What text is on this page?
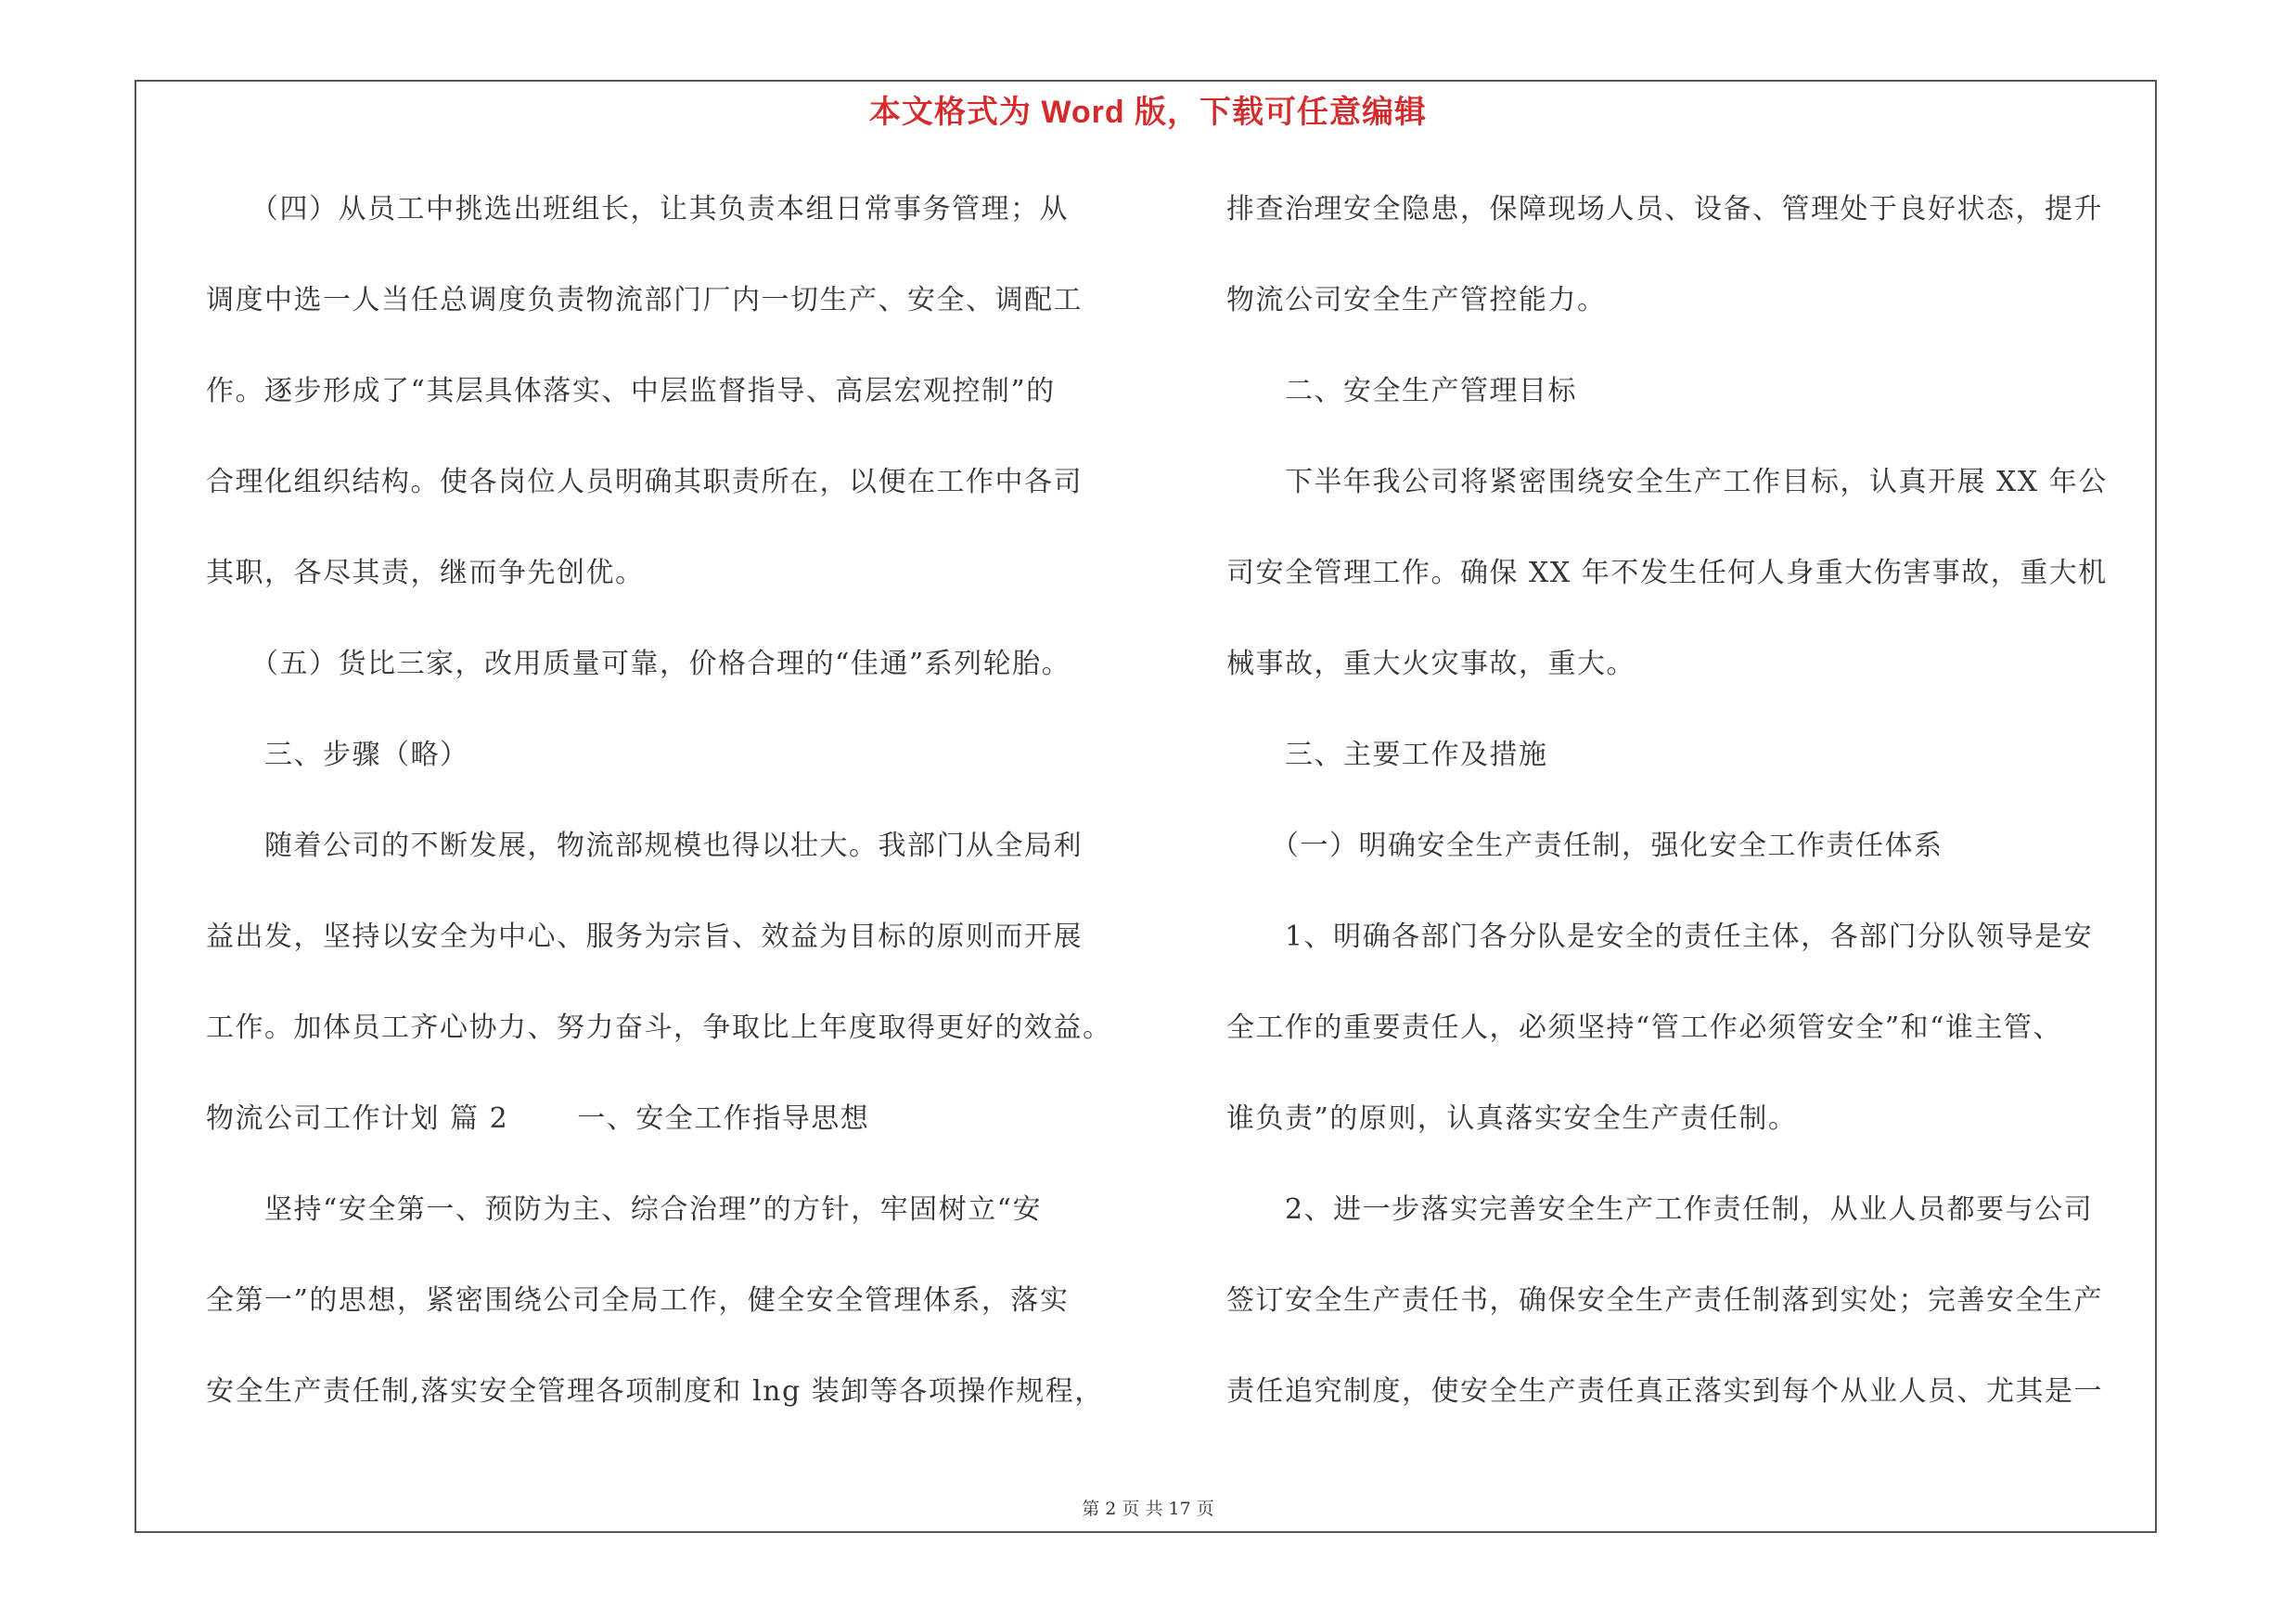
本文格式为 Word 版，下载可任意编辑
　　（四）从员工中挑选出班组长，让其负责本组日常事务管理；从
调度中选一人当任总调度负责物流部门厂内一切生产、安全、调配工
作。逐步形成了“其层具体落实、中层监督指导、高层宏观控制”的
合理化组织结构。使各岗位人员明确其职责所在，以便在工作中各司
其职，各尽其责，继而争先创优。
　　（五）货比三家，改用质量可靠，价格合理的“佳通”系列轮胎。
　　三、步骤（略）
　　随着公司的不断发展，物流部规模也得以壮大。我部门从全局利
益出发，坚持以安全为中心、服务为宗旨、效益为目标的原则而开展
工作。加体员工齐心协力、努力奋斗，争取比上年度取得更好的效益。
物流公司工作计划 篇 2　　 一、安全工作指导思想
　　坚持“安全第一、预防为主、综合治理”的方针，牢固树立“安
全第一”的思想，紧密围绕公司全局工作，健全安全管理体系，落实
安全生产责任制,落实安全管理各项制度和 lng 装卸等各项操作规程，
排查治理安全隐患，保障现场人员、设备、管理处于良好状态，提升
物流公司安全生产管控能力。
　　二、安全生产管理目标
　　下半年我公司将紧密围绕安全生产工作目标，认真开展 XX 年公
司安全管理工作。确保 XX 年不发生任何人身重大伤害事故，重大机
械事故，重大火灾事故，重大。
　　三、主要工作及措施
　　（一）明确安全生产责任制，强化安全工作责任体系
　　1、明确各部门各分队是安全的责任主体，各部门分队领导是安
全工作的重要责任人，必须坚持“管工作必须管安全”和“谁主管、
谁负责”的原则，认真落实安全生产责任制。
　　2、进一步落实完善安全生产工作责任制，从业人员都要与公司
签订安全生产责任书，确保安全生产责任制落到实处；完善安全生产
责任追究制度，使安全生产责任真正落实到每个从业人员、尤其是一
第 2 页 共 17 页
